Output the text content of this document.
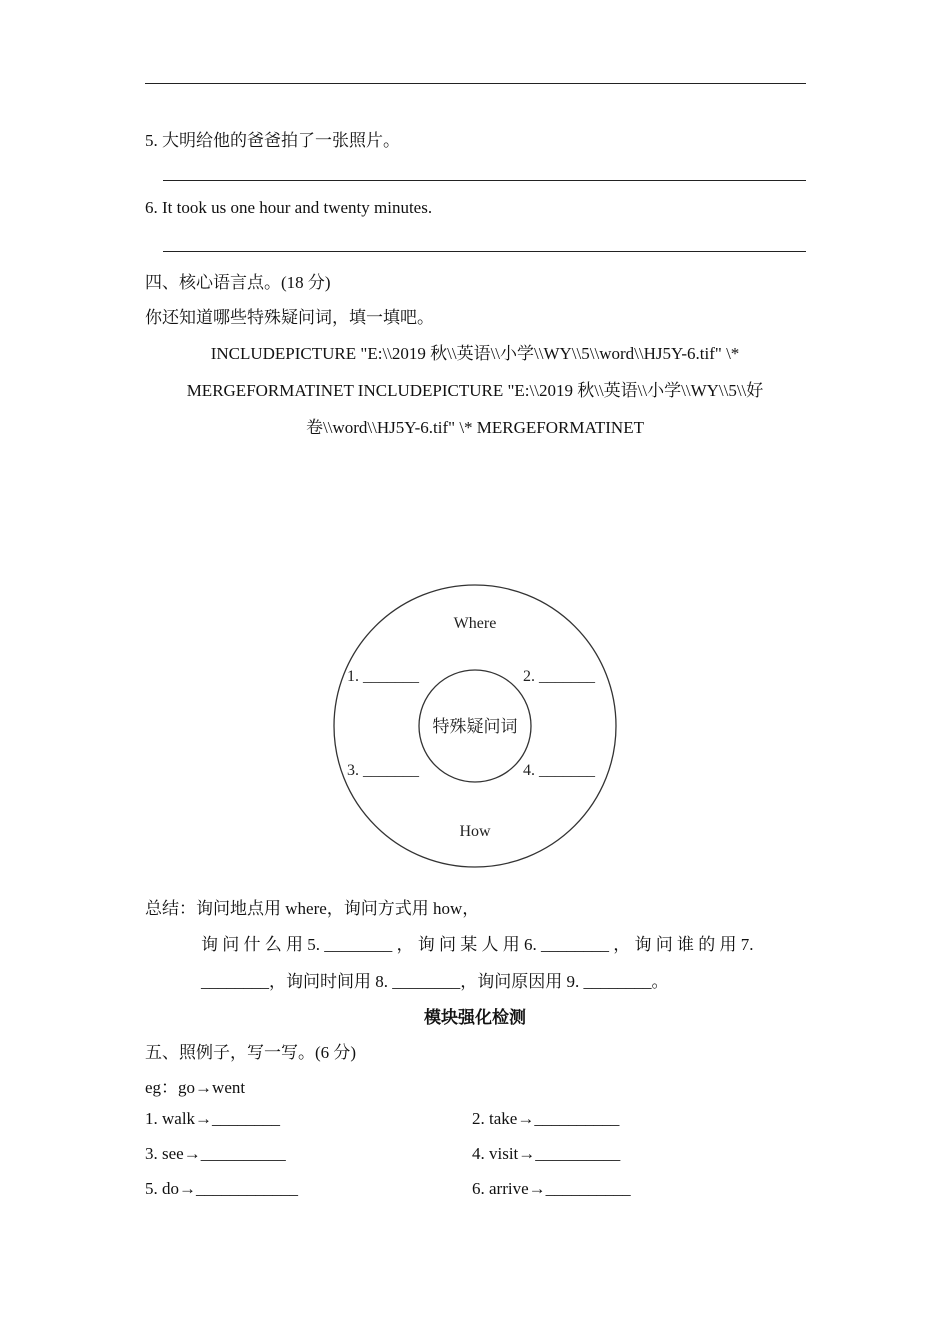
5. 大明给他的爸爸拍了一张照片。
6. It took us one hour and twenty minutes.
四、核心语言点。(18 分)
你还知道哪些特殊疑问词，填一填吧。
INCLUDEPICTURE "E:\\2019 秋\\英语\\小学\\WY\\5\\word\\HJ5Y-6.tif" \*
MERGEFORMATINET INCLUDEPICTURE "E:\\2019 秋\\英语\\小学\\WY\\5\\好
卷\\word\\HJ5Y-6.tif" \* MERGEFORMATINET
特殊疑问词
Where
How
1. _______	2. _______
3. _______	4. _______
总结：询问地点用 where，询问方式用 how，
询 问 什 么 用 5. ________ ， 询 问 某 人 用 6. ________ ， 询 问 谁 的 用 7.
________，询问时间用 8. ________，询问原因用 9. ________。
模块强化检测
五、照例子，写一写。(6 分)
eg：go→went
1. walk→________	2. take→__________
3. see→__________	4. visit→__________
5. do→____________	6. arrive→__________
